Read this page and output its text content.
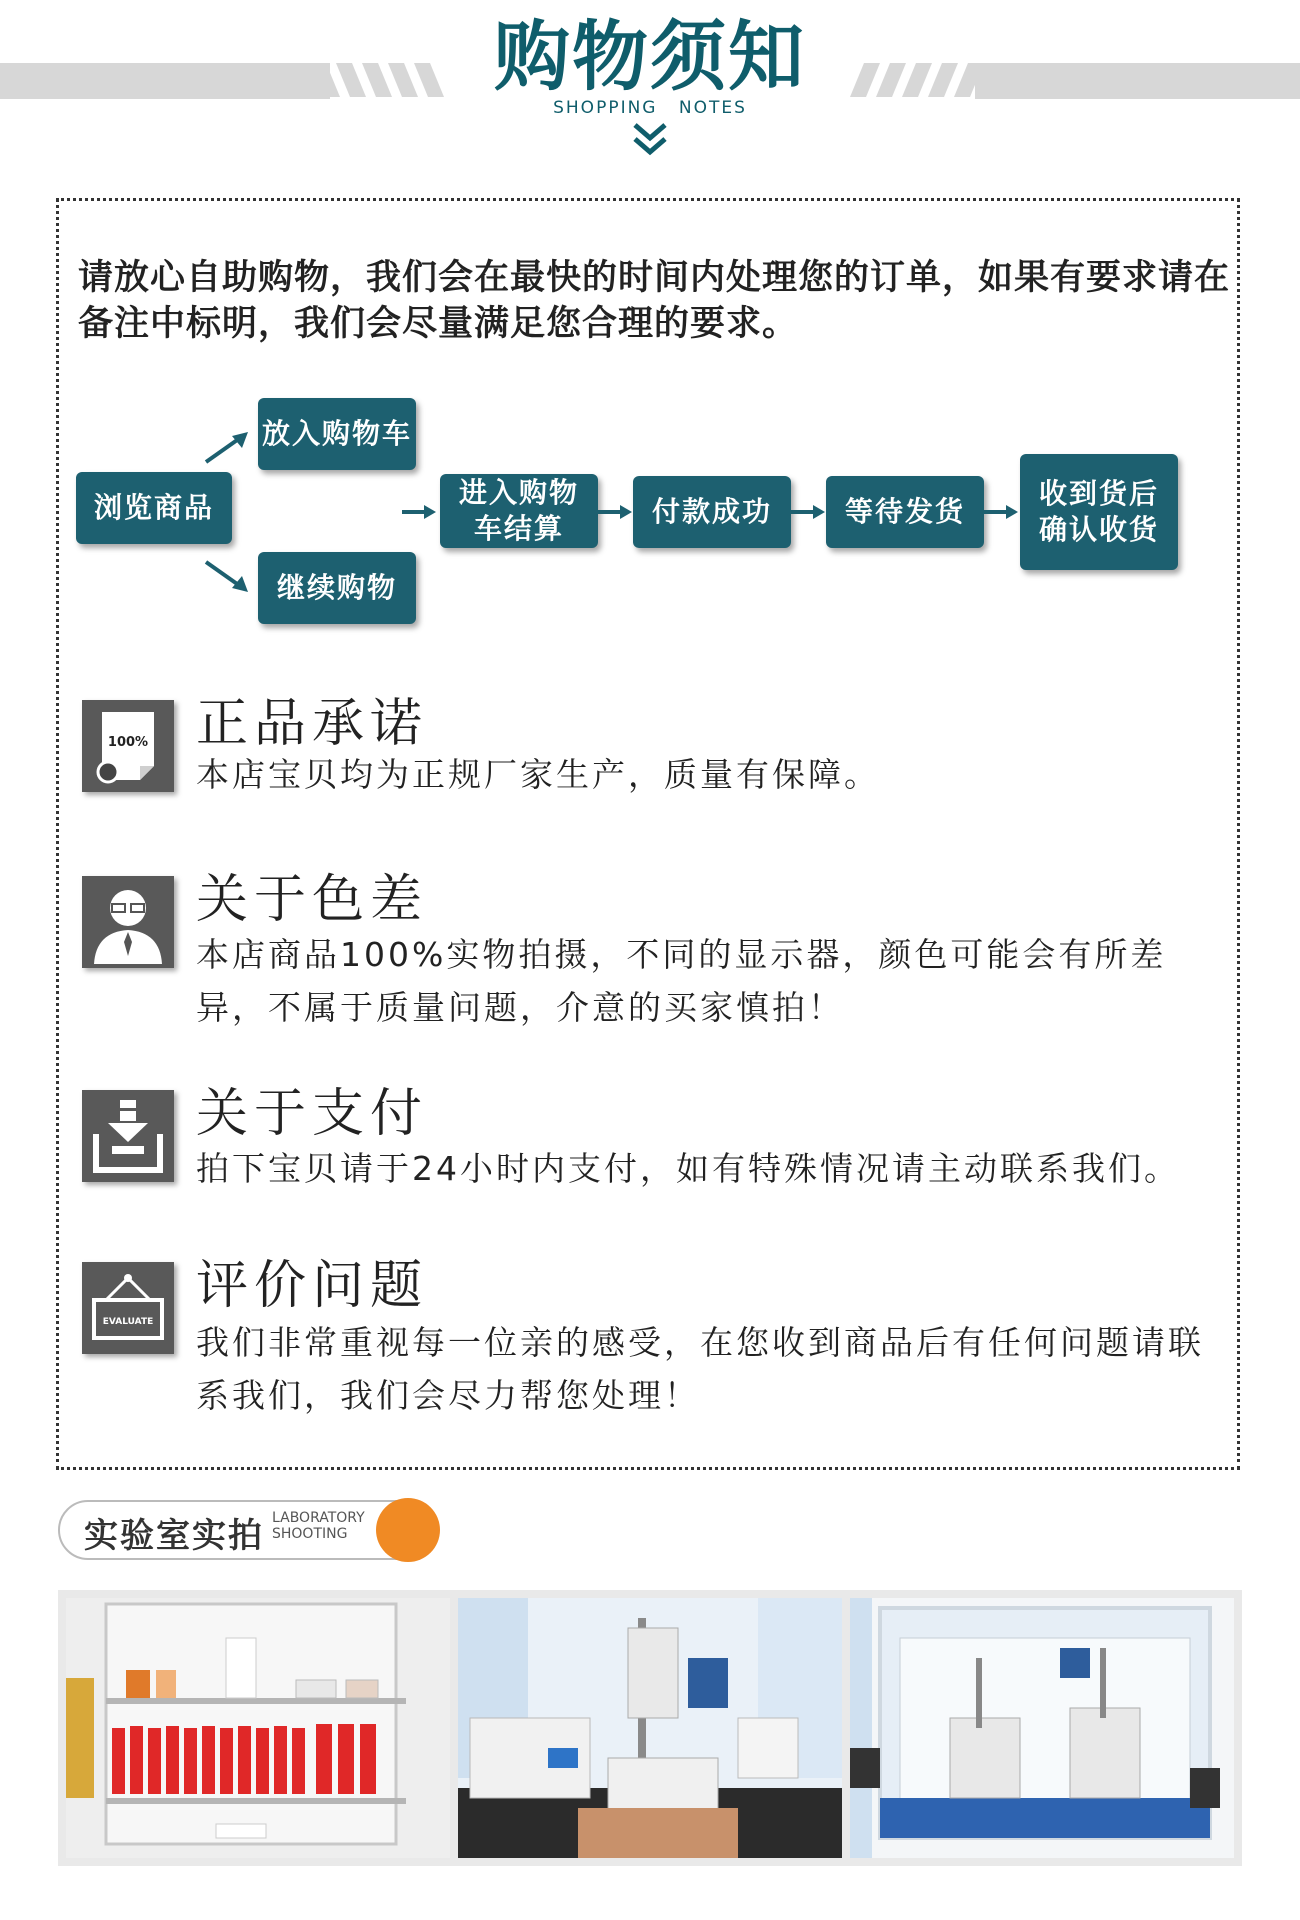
购物须知
SHOPPING NOTES
请放心自助购物，我们会在最快的时间内处理您的订单，如果有要求请在备注中标明，我们会尽量满足您合理的要求。
浏览商品
放入购物车
继续购物
进入购物车结算
付款成功	等待发货
收到货后确认收货
100% 正品承诺
本店宝贝均为正规厂家生产，质量有保障。
关于色差
本店商品100%实物拍摄，不同的显示器，颜色可能会有所差异，不属于质量问题，介意的买家慎拍！
关于支付
拍下宝贝请于24小时内支付，如有特殊情况请主动联系我们。
EVALUATE
评价问题
我们非常重视每一位亲的感受，在您收到商品后有任何问题请联系我们，我们会尽力帮您处理！
实验室实拍 LABORATORY
SHOOTING
